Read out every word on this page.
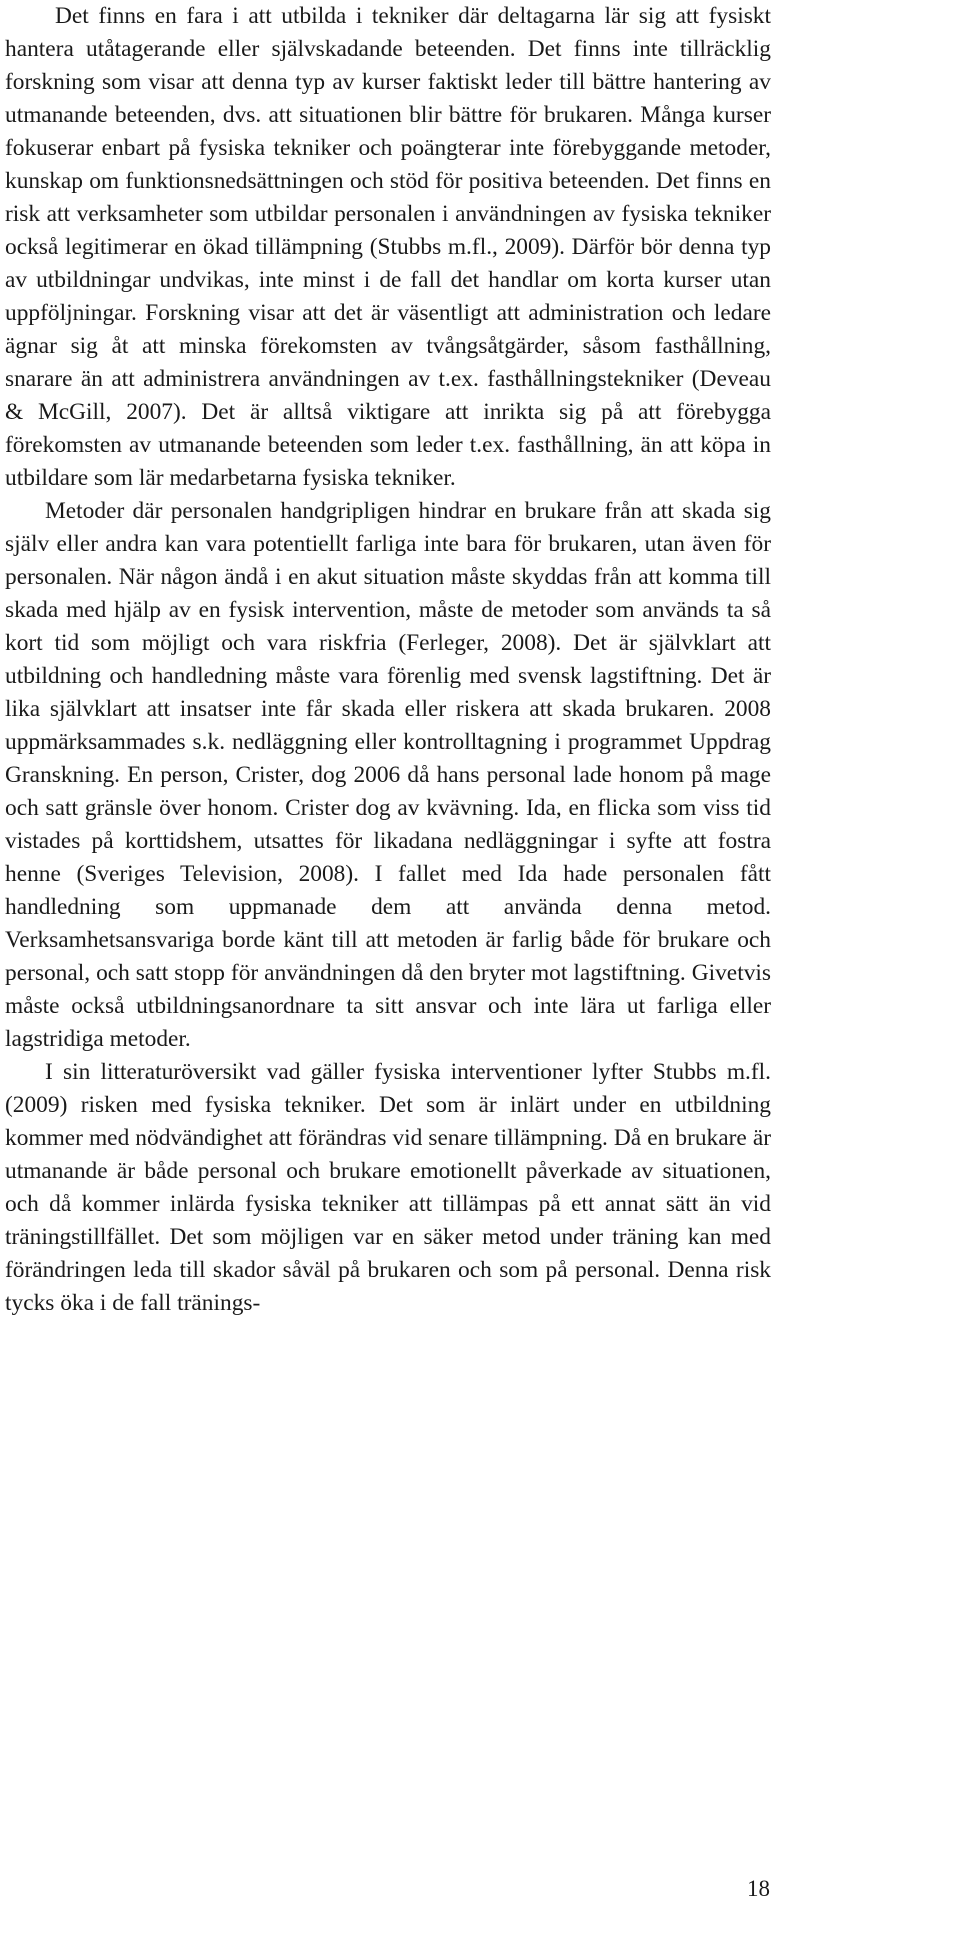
Det finns en fara i att utbilda i tekniker där deltagarna lär sig att fysiskt hantera utåtagerande eller självskadande beteenden. Det finns inte tillräcklig forskning som visar att denna typ av kurser faktiskt leder till bättre hantering av utmanande beteenden, dvs. att situationen blir bättre för brukaren. Många kurser fokuserar enbart på fysiska tekniker och poängterar inte förebyggande metoder, kunskap om funktionsnedsättningen och stöd för positiva beteenden. Det finns en risk att verksamheter som utbildar personalen i användningen av fysiska tekniker också legitimerar en ökad tillämpning (Stubbs m.fl., 2009). Därför bör denna typ av utbildningar undvikas, inte minst i de fall det handlar om korta kurser utan uppföljningar. Forskning visar att det är väsentligt att administration och ledare ägnar sig åt att minska förekomsten av tvångsåtgärder, såsom fasthållning, snarare än att administrera användningen av t.ex. fasthållningstekniker (Deveau & McGill, 2007). Det är alltså viktigare att inrikta sig på att förebygga förekomsten av utmanande beteenden som leder t.ex. fasthållning, än att köpa in utbildare som lär medarbetarna fysiska tekniker.

Metoder där personalen handgripligen hindrar en brukare från att skada sig själv eller andra kan vara potentiellt farliga inte bara för brukaren, utan även för personalen. När någon ändå i en akut situation måste skyddas från att komma till skada med hjälp av en fysisk intervention, måste de metoder som används ta så kort tid som möjligt och vara riskfria (Ferleger, 2008). Det är självklart att utbildning och handledning måste vara förenlig med svensk lagstiftning. Det är lika självklart att insatser inte får skada eller riskera att skada brukaren. 2008 uppmärksammades s.k. nedläggning eller kontrolltagning i programmet Uppdrag Granskning. En person, Crister, dog 2006 då hans personal lade honom på mage och satt gränsle över honom. Crister dog av kvävning. Ida, en flicka som viss tid vistades på korttidshem, utsattes för likadana nedläggningar i syfte att fostra henne (Sveriges Television, 2008). I fallet med Ida hade personalen fått handledning som uppmanade dem att använda denna metod. Verksamhetsansvariga borde känt till att metoden är farlig både för brukare och personal, och satt stopp för användningen då den bryter mot lagstiftning. Givetvis måste också utbildningsanordnare ta sitt ansvar och inte lära ut farliga eller lagstridiga metoder.

I sin litteraturöversikt vad gäller fysiska interventioner lyfter Stubbs m.fl. (2009) risken med fysiska tekniker. Det som är inlärt under en utbildning kommer med nödvändighet att förändras vid senare tillämpning. Då en brukare är utmanande är både personal och brukare emotionellt påverkade av situationen, och då kommer inlärda fysiska tekniker att tillämpas på ett annat sätt än vid träningstillfället. Det som möjligen var en säker metod under träning kan med förändringen leda till skador såväl på brukaren och som på personal. Denna risk tycks öka i de fall tränings-

18
